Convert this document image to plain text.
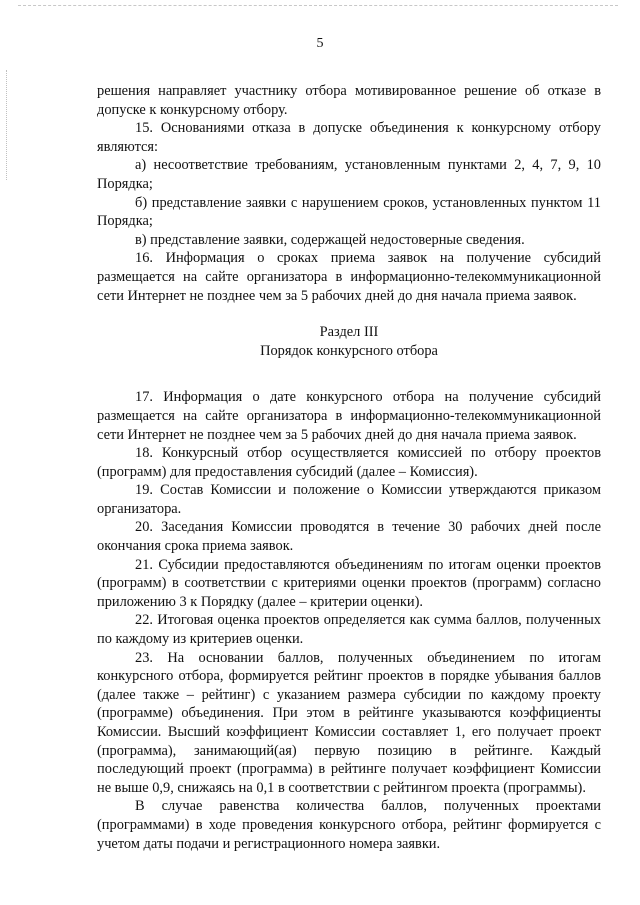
5

решения направляет участнику отбора мотивированное решение об отказе в допуске к конкурсному отбору.

15. Основаниями отказа в допуске объединения к конкурсному отбору являются:

а) несоответствие требованиям, установленным пунктами 2, 4, 7, 9, 10 Порядка;

б) представление заявки с нарушением сроков, установленных пунктом 11 Порядка;

в) представление заявки, содержащей недостоверные сведения.

16. Информация о сроках приема заявок на получение субсидий размещается на сайте организатора в информационно-телекоммуникационной сети Интернет не позднее чем за 5 рабочих дней до дня начала приема заявок.

Раздел III

Порядок конкурсного отбора

17. Информация о дате конкурсного отбора на получение субсидий размещается на сайте организатора в информационно-телекоммуникационной сети Интернет не позднее чем за 5 рабочих дней до дня начала приема заявок.

18. Конкурсный отбор осуществляется комиссией по отбору проектов (программ) для предоставления субсидий (далее – Комиссия).

19. Состав Комиссии и положение о Комиссии утверждаются приказом организатора.

20. Заседания Комиссии проводятся в течение 30 рабочих дней после окончания срока приема заявок.

21. Субсидии предоставляются объединениям по итогам оценки проектов (программ) в соответствии с критериями оценки проектов (программ) согласно приложению 3 к Порядку (далее – критерии оценки).

22. Итоговая оценка проектов определяется как сумма баллов, полученных по каждому из критериев оценки.

23. На основании баллов, полученных объединением по итогам конкурсного отбора, формируется рейтинг проектов в порядке убывания баллов (далее также – рейтинг) с указанием размера субсидии по каждому проекту (программе) объединения. При этом в рейтинге указываются коэффициенты Комиссии. Высший коэффициент Комиссии составляет 1, его получает проект (программа), занимающий(ая) первую позицию в рейтинге. Каждый последующий проект (программа) в рейтинге получает коэффициент Комиссии не выше 0,9, снижаясь на 0,1 в соответствии с рейтингом проекта (программы).

В случае равенства количества баллов, полученных проектами (программами) в ходе проведения конкурсного отбора, рейтинг формируется с учетом даты подачи и регистрационного номера заявки.
